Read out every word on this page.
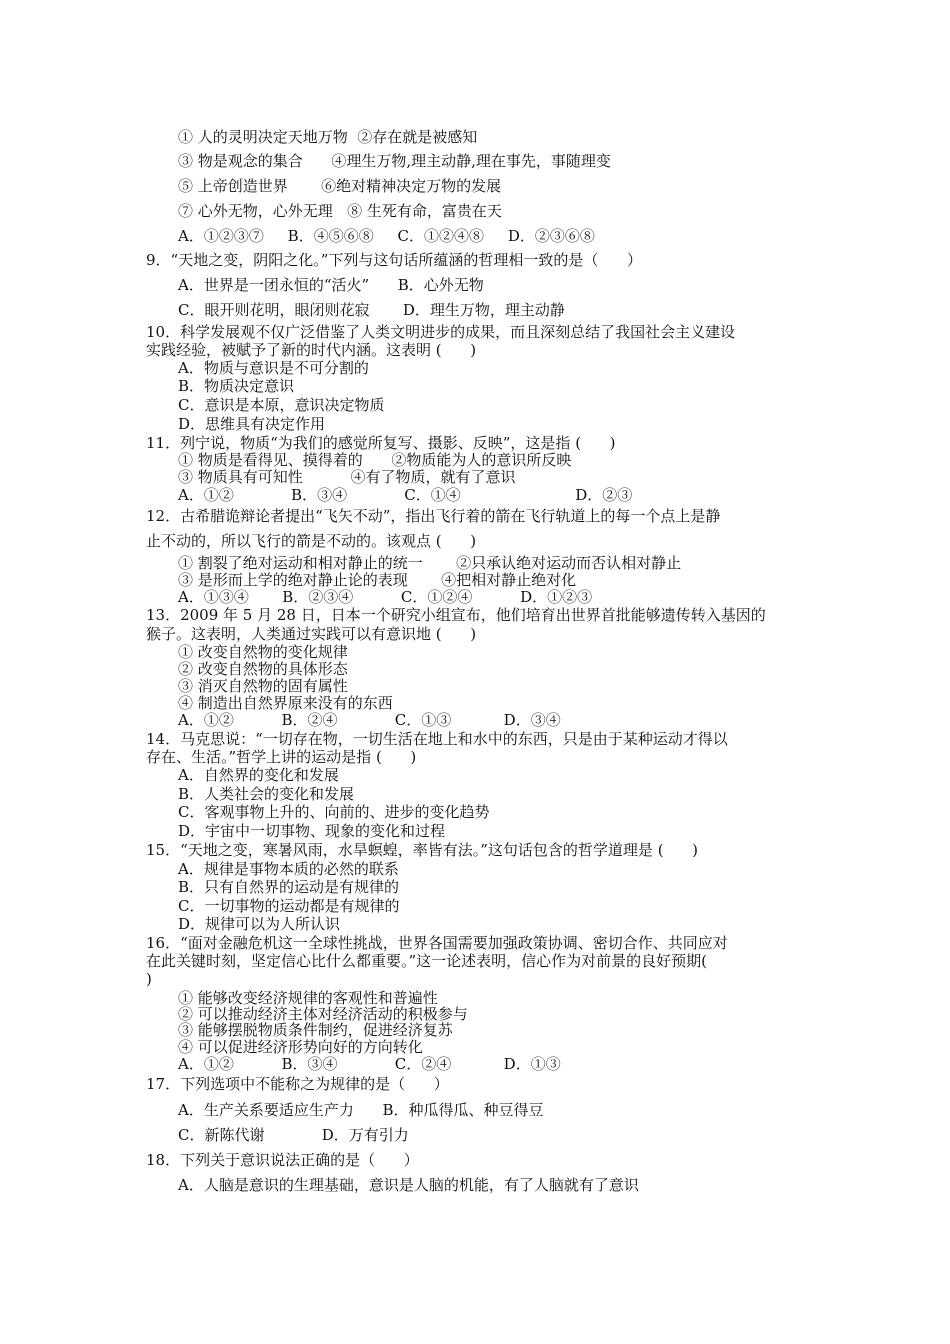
① 人的灵明决定天地万物  ②存在就是被感知
③ 物是观念的集合      ④理生万物,理主动静,理在事先，事随理变
⑤ 上帝创造世界       ⑥绝对精神决定万物的发展
⑦ 心外无物，心外无理   ⑧ 生死有命，富贵在天
A．①②③⑦     B．④⑤⑥⑧     C．①②④⑧     D．②③⑥⑧
9．“天地之变，阴阳之化。”下列与这句话所蕴涵的哲理相一致的是（      ）
A．世界是一团永恒的“活火”      B．心外无物
C．眼开则花明，眼闭则花寂       D．理生万物，理主动静
10．科学发展观不仅广泛借鉴了人类文明进步的成果，而且深刻总结了我国社会主义建设
实践经验，被赋予了新的时代内涵。这表明 (      )
A．物质与意识是不可分割的
B．物质决定意识
C．意识是本原，意识决定物质
D．思维具有决定作用
11．列宁说，物质“为我们的感觉所复写、摄影、反映”，这是指 (      )
① 物质是看得见、摸得着的      ②物质能为人的意识所反映
③ 物质具有可知性          ④有了物质，就有了意识
A．①②            B．③④            C．①④                        D．②③
12．古希腊诡辩论者提出“飞矢不动”，指出飞行着的箭在飞行轨道上的每一个点上是静
止不动的，所以飞行的箭是不动的。该观点 (      )
① 割裂了绝对运动和相对静止的统一       ②只承认绝对运动而否认相对静止
③ 是形而上学的绝对静止论的表现       ④把相对静止绝对化
A．①③④       B．②③④          C．①②④          D．①②③
13．2009 年 5 月 28 日，日本一个研究小组宣布，他们培育出世界首批能够遗传转入基因的
猴子。这表明，人类通过实践可以有意识地 (      )
① 改变自然物的变化规律
② 改变自然物的具体形态
③ 消灭自然物的固有属性
④ 制造出自然界原来没有的东西
A．①②          B．②④            C．①③           D．③④
14．马克思说：“一切存在物，一切生活在地上和水中的东西，只是由于某种运动才得以
存在、生活。”哲学上讲的运动是指 (      )
A．自然界的变化和发展
B．人类社会的变化和发展
C．客观事物上升的、向前的、进步的变化趋势
D．宇宙中一切事物、现象的变化和过程
15．“天地之变，寒暑风雨，水旱螟蝗，率皆有法。”这句话包含的哲学道理是 (      )
A．规律是事物本质的必然的联系
B．只有自然界的运动是有规律的
C．一切事物的运动都是有规律的
D．规律可以为人所认识
16．“面对金融危机这一全球性挑战，世界各国需要加强政策协调、密切合作、共同应对
在此关键时刻，坚定信心比什么都重要。”这一论述表明，信心作为对前景的良好预期(
)
① 能够改变经济规律的客观性和普遍性
② 可以推动经济主体对经济活动的积极参与
③ 能够摆脱物质条件制约，促进经济复苏
④ 可以促进经济形势向好的方向转化
A．①②          B．③④            C．②④           D．①③
17．下列选项中不能称之为规律的是（      ）
A．生产关系要适应生产力      B．种瓜得瓜、种豆得豆
C．新陈代谢            D．万有引力
18．下列关于意识说法正确的是（      ）
A．人脑是意识的生理基础，意识是人脑的机能，有了人脑就有了意识
